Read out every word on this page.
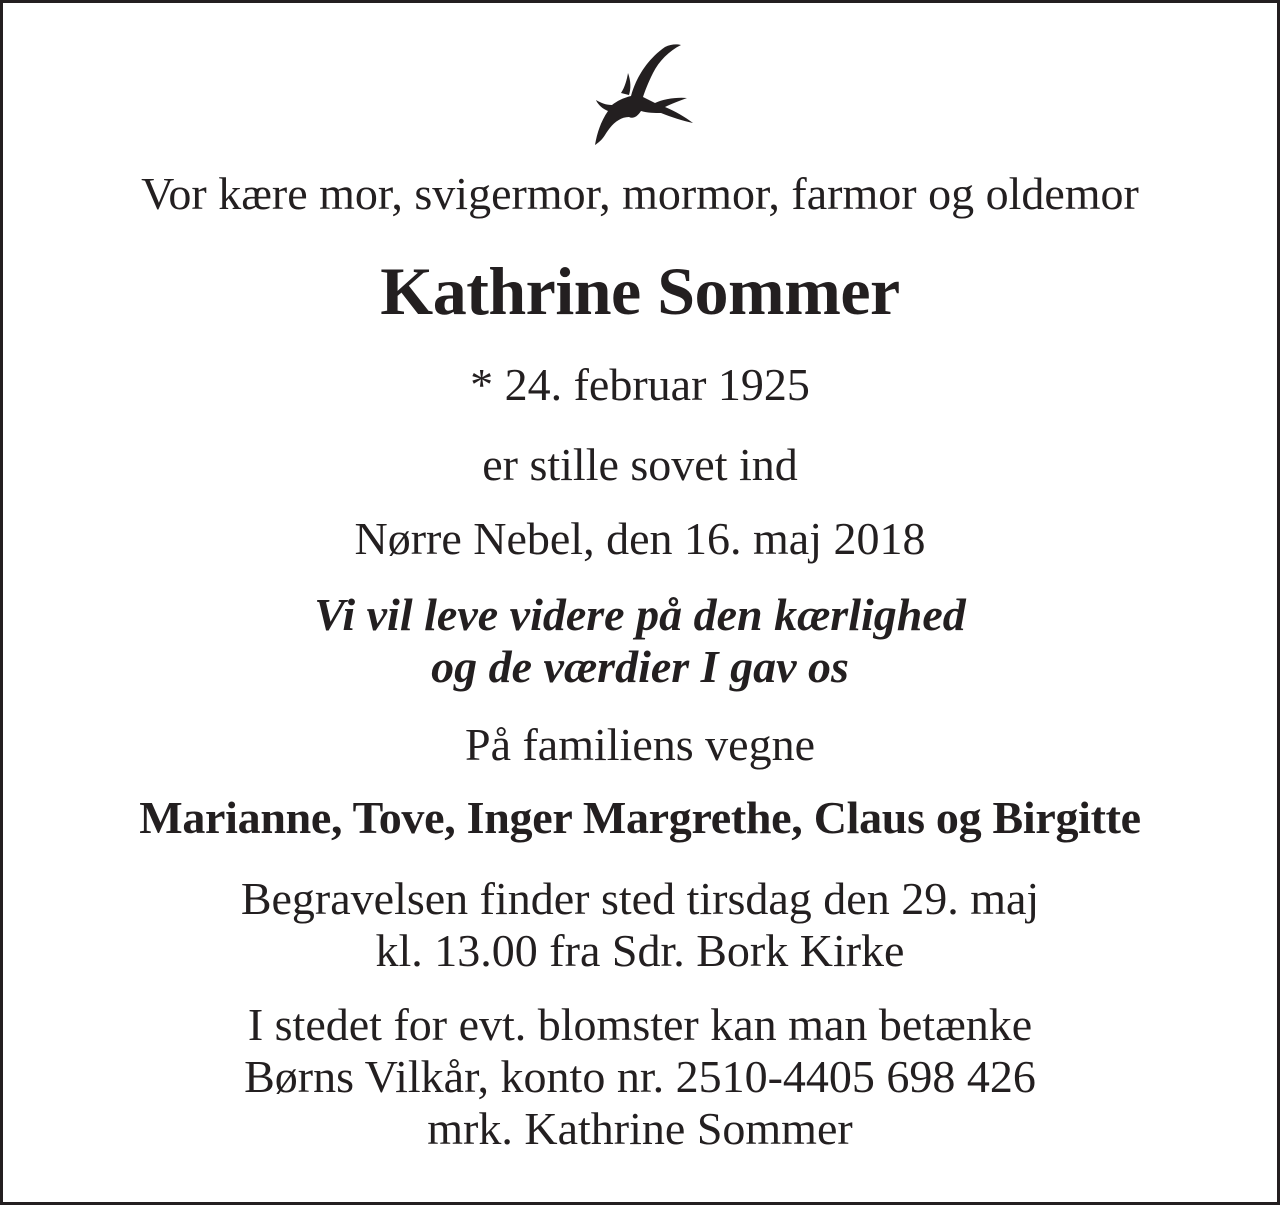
Vor kære mor, svigermor, mormor, farmor og oldemor

Kathrine Sommer

* 24. februar 1925

er stille sovet ind

Nørre Nebel, den 16. maj 2018

Vi vil leve videre på den kærlighed
og de værdier I gav os

På familiens vegne

Marianne, Tove, Inger Margrethe, Claus og Birgitte

Begravelsen finder sted tirsdag den 29. maj
kl. 13.00 fra Sdr. Bork Kirke
I stedet for evt. blomster kan man betænke
Børns Vilkår, konto nr. 2510-4405 698 426
mrk. Kathrine Sommer
